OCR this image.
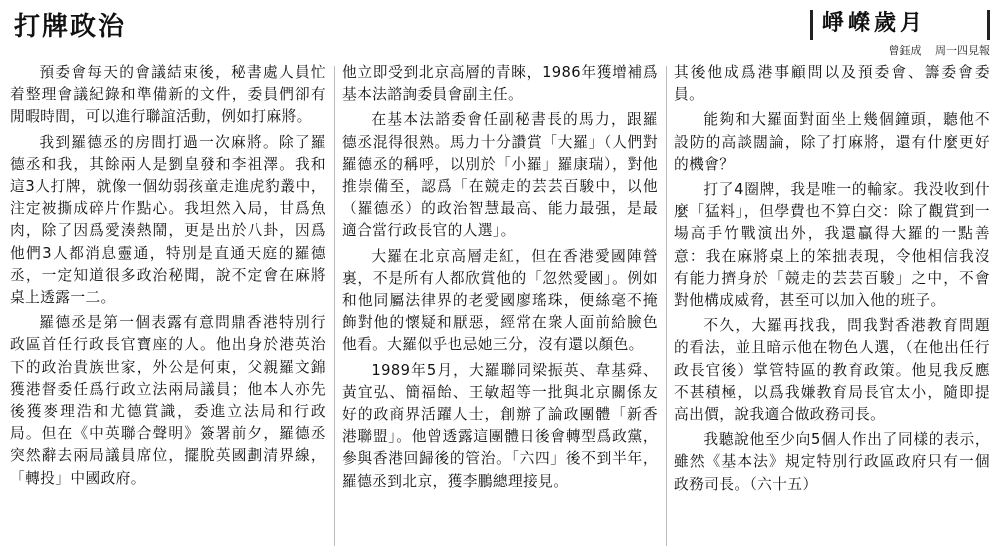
打牌政治	崢嶸歲月
曾鈺成 周一四見報

預委會每天的會議結束後，秘書處人員忙着整理會議紀錄和準備新的文件，委員們卻有閒暇時間，可以進行聯誼活動，例如打麻將。

我到羅德丞的房間打過一次麻將。除了羅德丞和我，其餘兩人是劉皇發和李祖澤。我和這3人打牌，就像一個幼弱孩童走進虎豹叢中，注定被撕成碎片作點心。我坦然入局，甘爲魚肉，除了因爲愛湊熱鬧，更是出於八卦，因爲他們3人都消息靈通，特別是直通天庭的羅德丞，一定知道很多政治秘聞，說不定會在麻將桌上透露一二。

羅德丞是第一個表露有意問鼎香港特別行政區首任行政長官寶座的人。他出身於港英治下的政治貴族世家，外公是何東，父親羅文錦獲港督委任爲行政立法兩局議員；他本人亦先後獲麥理浩和尤德賞識，委進立法局和行政局。但在《中英聯合聲明》簽署前夕，羅德丞突然辭去兩局議員席位，擺脫英國劃清界線，「轉投」中國政府。

他立即受到北京高層的青睞，1986年獲增補爲基本法諮詢委員會副主任。

在基本法諮委會任副秘書長的馬力，跟羅德丞混得很熟。馬力十分讚賞「大羅」（人們對羅德丞的稱呼，以別於「小羅」羅康瑞），對他推崇備至，認爲「在競走的芸芸百駿中，以他（羅德丞）的政治智慧最高、能力最强，是最適合當行政長官的人選」。

大羅在北京高層走紅，但在香港愛國陣營裏，不是所有人都欣賞他的「忽然愛國」。例如和他同屬法律界的老愛國廖瑤珠，便絲毫不掩飾對他的懷疑和厭惡，經常在衆人面前給臉色他看。大羅似乎也忌她三分，沒有還以顏色。

1989年5月，大羅聯同梁振英、韋基舜、黃宜弘、簡福飴、王敏超等一批與北京關係友好的政商界活躍人士，創辦了論政團體「新香港聯盟」。他曾透露這團體日後會轉型爲政黨，參與香港回歸後的管治。「六四」後不到半年，羅德丞到北京，獲李鵬總理接見。

其後他成爲港事顧問以及預委會、籌委會委員。

能夠和大羅面對面坐上幾個鐘頭，聽他不設防的高談闊論，除了打麻將，還有什麼更好的機會？

打了4圈牌，我是唯一的輸家。我没收到什麼「猛料」，但學費也不算白交：除了觀賞到一場高手竹戰演出外，我還贏得大羅的一點善意：我在麻將桌上的笨拙表現，令他相信我沒有能力擠身於「競走的芸芸百駿」之中，不會對他構成威脅，甚至可以加入他的班子。

不久，大羅再找我，問我對香港教育問題的看法，並且暗示他在物色人選，（在他出任行政長官後）掌管特區的教育政策。他見我反應不甚積極，以爲我嫌教育局長官太小，隨即提高出價，說我適合做政務司長。

我聽說他至少向5個人作出了同樣的表示，雖然《基本法》規定特別行政區政府只有一個政務司長。（六十五）
